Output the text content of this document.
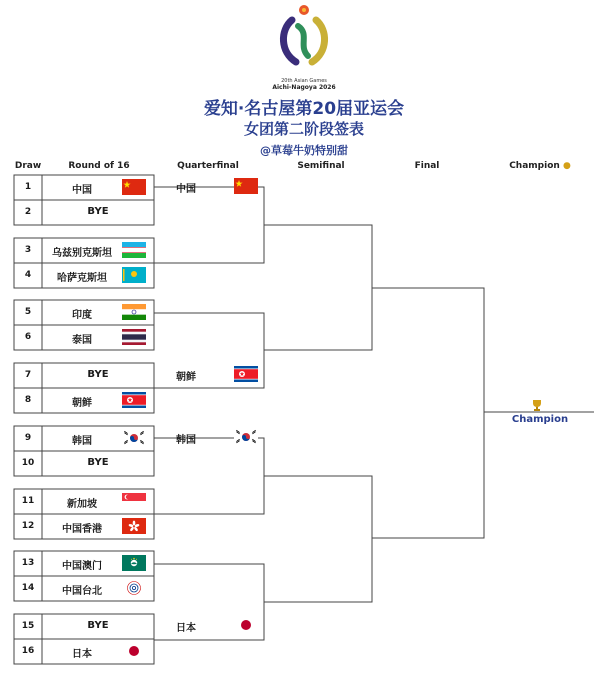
20th Asian Games
Aichi-Nagoya 2026
爱知·名古屋第20届亚运会
女团第二阶段签表
@草莓牛奶特别甜
Draw	Round of 16	Quarterfinal	Semifinal	Final	Champion ●
1	中国
2	BYE
3	乌兹别克斯坦
4	哈萨克斯坦
5	印度
6	泰国
7	BYE
8	朝鲜
9	韩国
10	BYE
11	新加坡
12	中国香港
13	中国澳门
14	中国台北
15	BYE
16	日本
中国
朝鲜
韩国
日本
Champion
